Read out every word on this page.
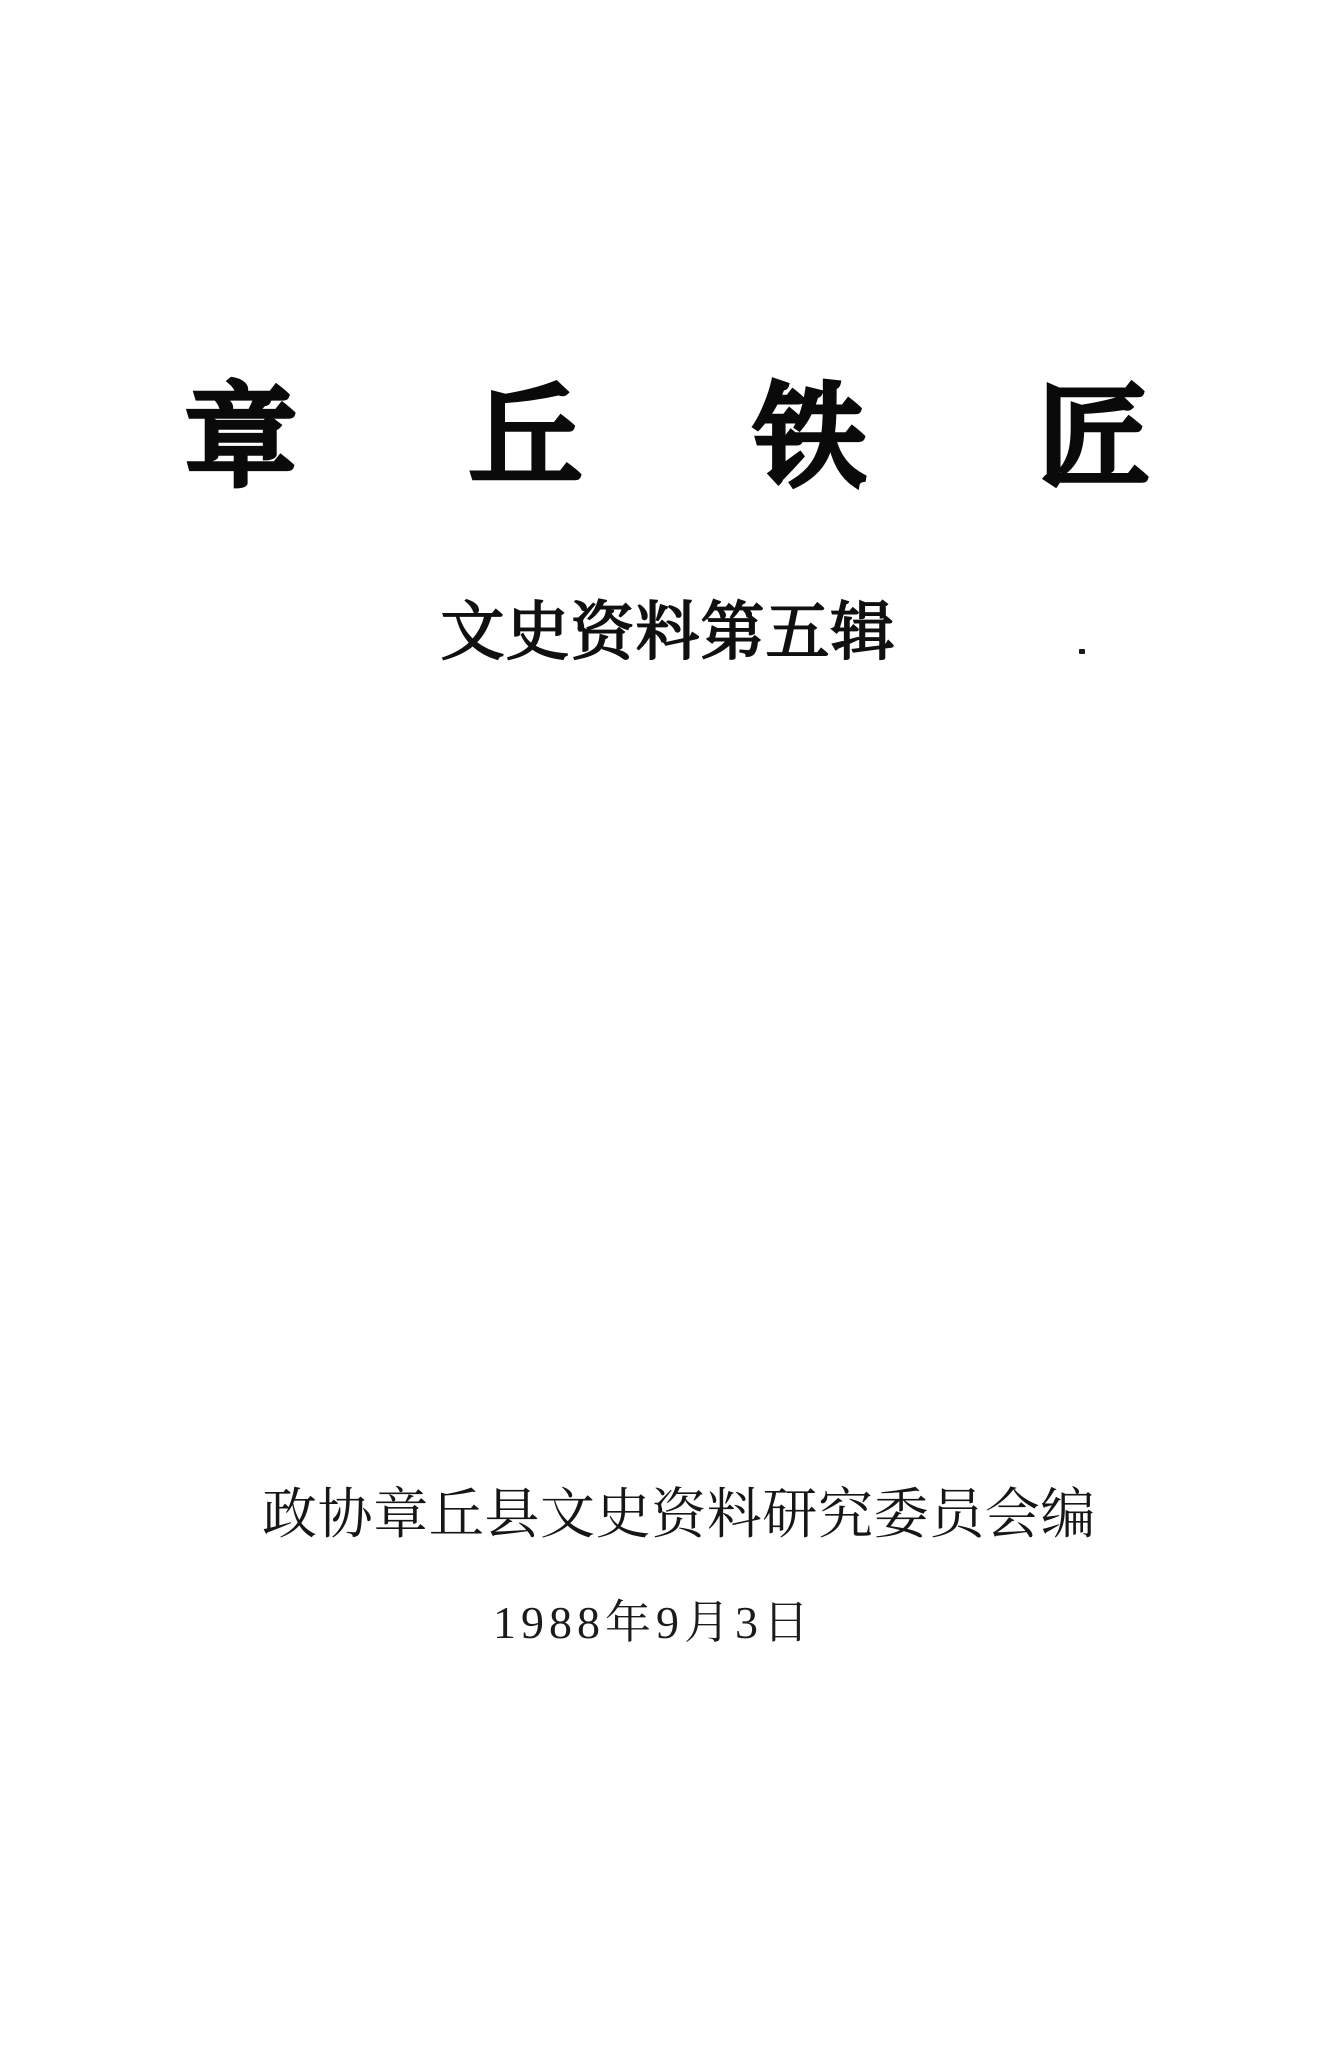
章 丘 铁 匠
文史资料第五辑
政协章丘县文史资料研究委员会编
1988年9月3日
